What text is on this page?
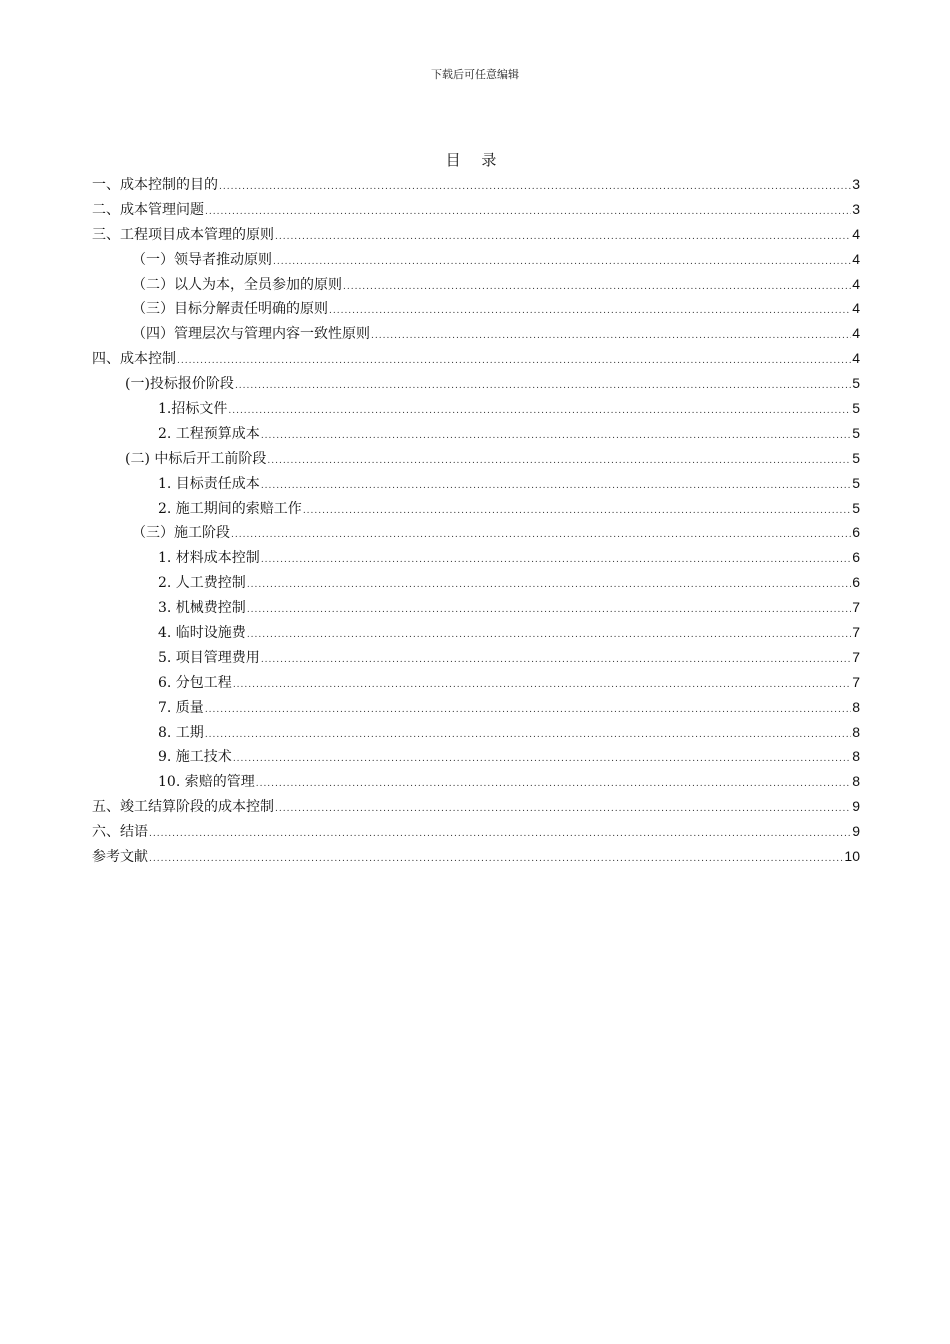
下载后可任意编辑
目 录
一、成本控制的目的 .....	3
二、成本管理问题 .....	3
三、工程项目成本管理的原则 .....	4
（一）领导者推动原则 .....	4
（二）以人为本，全员参加的原则 .....	4
（三）目标分解责任明确的原则 .....	4
（四）管理层次与管理内容一致性原则 .....	4
四、成本控制 .....	4
(一)投标报价阶段 .....	5
1.招标文件 .....	5
2. 工程预算成本 .....	5
(二) 中标后开工前阶段 .....	5
1. 目标责任成本 .....	5
2. 施工期间的索赔工作 .....	5
（三）施工阶段 .....	6
1. 材料成本控制 .....	6
2. 人工费控制 .....	6
3. 机械费控制 .....	7
4. 临时设施费 .....	7
5. 项目管理费用 .....	7
6. 分包工程 .....	7
7. 质量 .....	8
8. 工期 .....	8
9. 施工技术 .....	8
10. 索赔的管理 .....	8
五、竣工结算阶段的成本控制 .....	9
六、结语 .....	9
参考文献 .....	10
